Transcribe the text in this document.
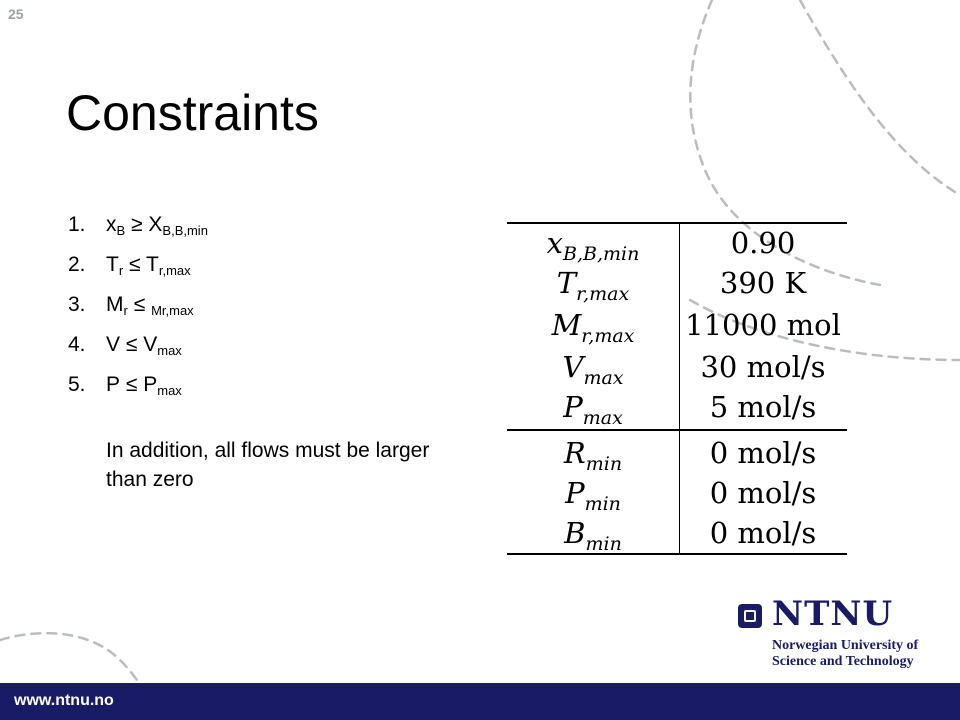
25
Constraints
1. $x_B \ge X_{B,B,min}$
2. $T_r \le T_{r,max}$
3. $M_r \le _{Mr,max}$
4. $V \le V_{max}$
5. $P \le P_{max}$
In addition, all flows must be larger than zero
$x_{B,B,min}$	0.90
$T_{r,max}$	390 K
$M_{r,max}$	11000 mol
$V_{max}$	30 mol/s
$P_{max}$	5 mol/s
$R_{min}$	0 mol/s
$P_{min}$	0 mol/s
$B_{min}$	0 mol/s
NTNU
Norwegian University of
Science and Technology
www.ntnu.no
